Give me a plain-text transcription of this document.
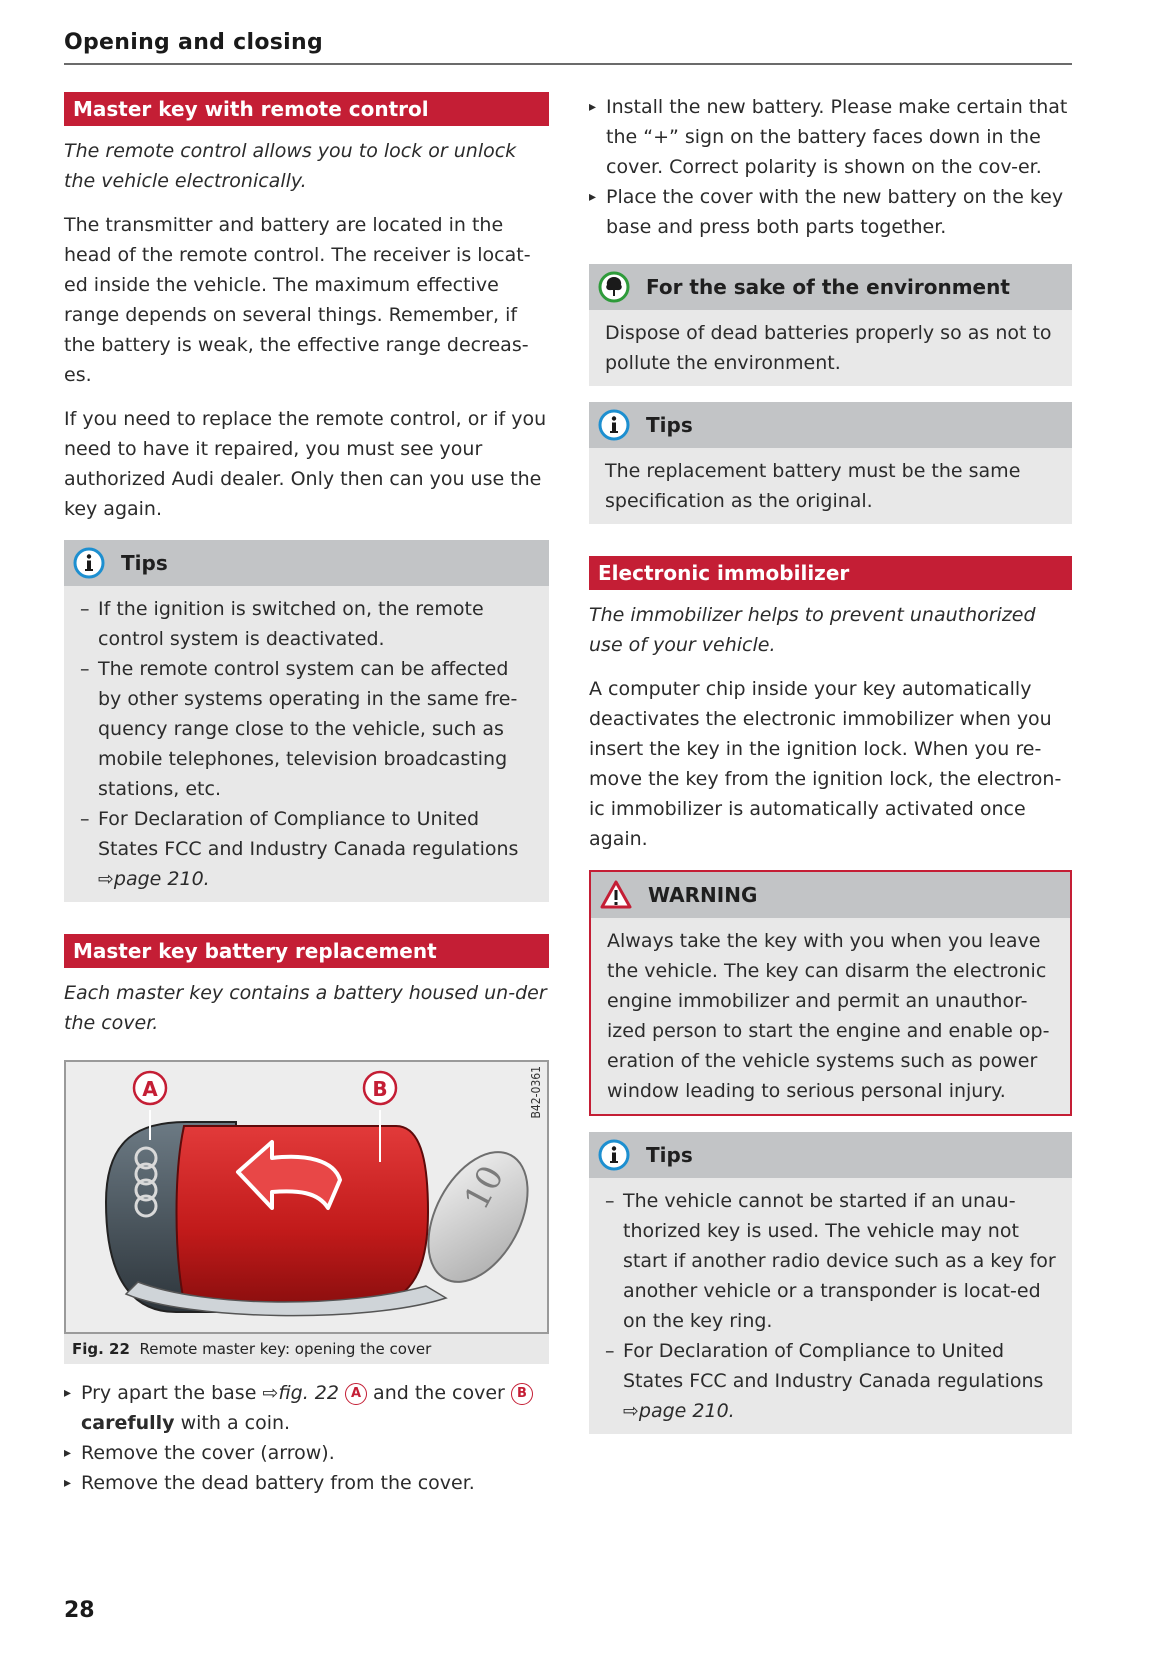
Opening and closing
Master key with remote control

The remote control allows you to lock or unlock the vehicle electronically.

The transmitter and battery are located in the head of the remote control. The receiver is locat-ed inside the vehicle. The maximum effective range depends on several things. Remember, if the battery is weak, the effective range decreas-es.

If you need to replace the remote control, or if you need to have it repaired, you must see your authorized Audi dealer. Only then can you use the key again.

Tips
– If the ignition is switched on, the remote control system is deactivated.
– The remote control system can be affected by other systems operating in the same fre-quency range close to the vehicle, such as mobile telephones, television broadcasting stations, etc.
– For Declaration of Compliance to United States FCC and Industry Canada regulations
⇨page 210.
Master key battery replacement

Each master key contains a battery housed un-der the cover.

10
A	B	B42-0361
Fig. 22 Remote master key: opening the cover
▸ Pry apart the base ⇨fig. 22 A and the cover B carefully with a coin.
▸ Remove the cover (arrow).
▸ Remove the dead battery from the cover.
▸ Install the new battery. Please make certain that the “+” sign on the battery faces down in the cover. Correct polarity is shown on the cov-er.
▸ Place the cover with the new battery on the key base and press both parts together.
For the sake of the environment
Dispose of dead batteries properly so as not to pollute the environment.
Tips
The replacement battery must be the same specification as the original.
Electronic immobilizer

The immobilizer helps to prevent unauthorized use of your vehicle.

A computer chip inside your key automatically deactivates the electronic immobilizer when you insert the key in the ignition lock. When you re-move the key from the ignition lock, the electron-ic immobilizer is automatically activated once again.

WARNING
Always take the key with you when you leave the vehicle. The key can disarm the electronic engine immobilizer and permit an unauthor-ized person to start the engine and enable op-eration of the vehicle systems such as power window leading to serious personal injury.
Tips
– The vehicle cannot be started if an unau-thorized key is used. The vehicle may not start if another radio device such as a key for another vehicle or a transponder is locat-ed on the key ring.
– For Declaration of Compliance to United States FCC and Industry Canada regulations
⇨page 210.
28
